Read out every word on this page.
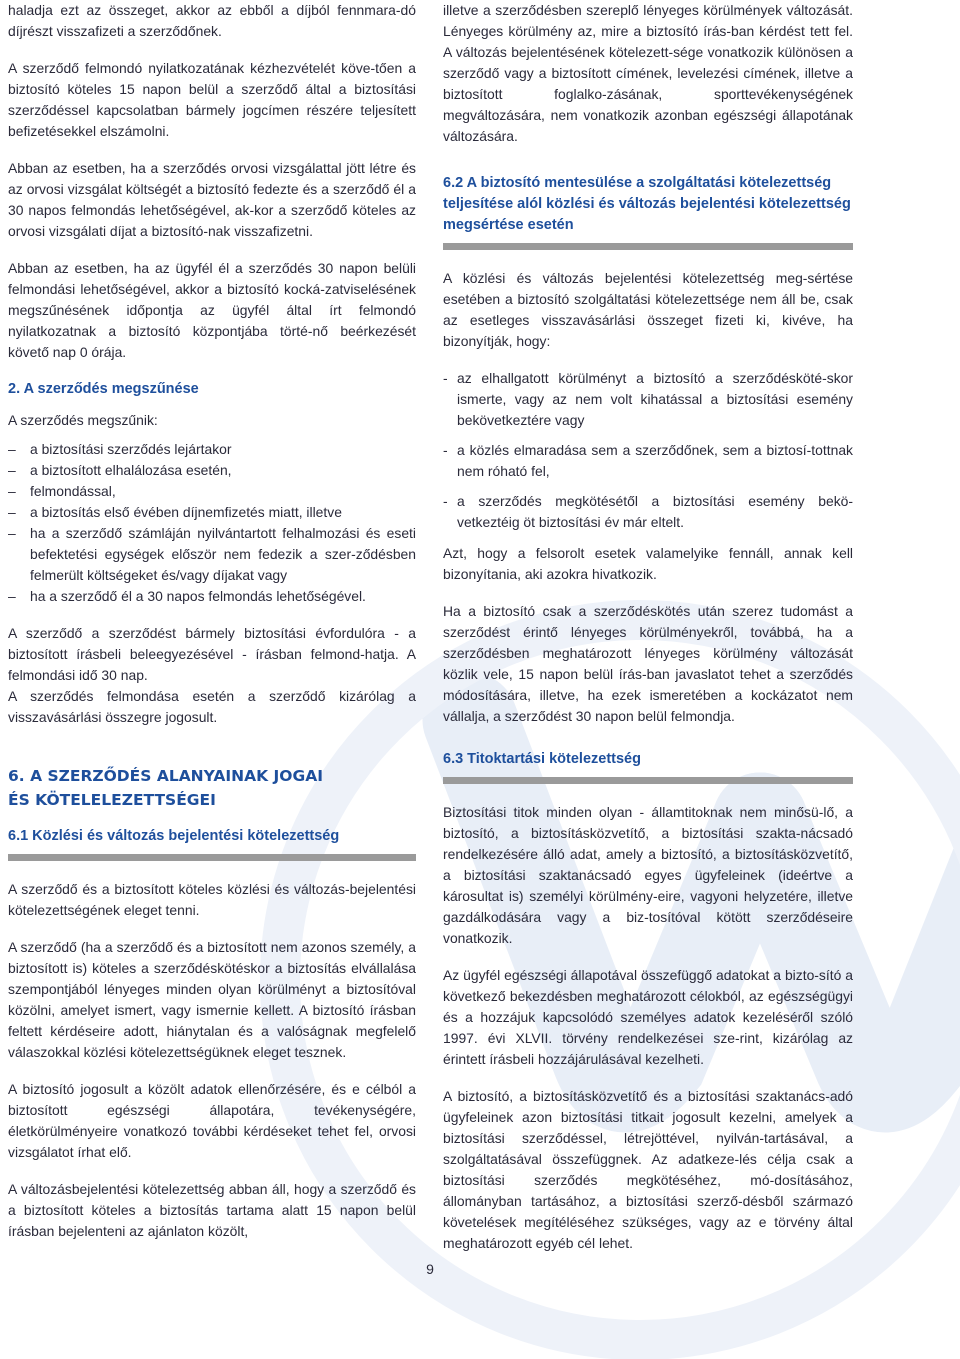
haladja ezt az összeget, akkor az ebből a díjból fennmara-dó díjrészt visszafizeti a szerződőnek.

A szerződő felmondó nyilatkozatának kézhezvételét köve-tően a biztosító köteles 15 napon belül a szerződő által a biztosítási szerződéssel kapcsolatban bármely jogcímen részére teljesített befizetésekkel elszámolni.

Abban az esetben, ha a szerződés orvosi vizsgálattal jött létre és az orvosi vizsgálat költségét a biztosító fedezte és a szerződő él a 30 napos felmondás lehetőségével, ak-kor a szerződő köteles az orvosi vizsgálati díjat a biztosító-nak visszafizetni.

Abban az esetben, ha az ügyfél él a szerződés 30 napon belüli felmondási lehetőségével, akkor a biztosító kocká-zatviselésének megszűnésének időpontja az ügyfél által írt felmondó nyilatkozatnak a biztosító központjába törté-nő beérkezését követő nap 0 órája.

2. A szerződés megszűnése

A szerződés megszűnik:

– a biztosítási szerződés lejártakor
– a biztosított elhalálozása esetén,
– felmondással,
– a biztosítás első évében díjnemfizetés miatt, illetve
– ha a szerződő számláján nyilvántartott felhalmozási és eseti befektetési egységek először nem fedezik a szer-ződésben felmerült költségeket és/vagy díjakat vagy
– ha a szerződő él a 30 napos felmondás lehetőségével.

A szerződő a szerződést bármely biztosítási évfordulóra - a biztosított írásbeli beleegyezésével - írásban felmond-hatja. A felmondási idő 30 nap.

A szerződés felmondása esetén a szerződő kizárólag a visszavásárlási összegre jogosult.

6. A SZERZŐDÉS ALANYAINAK JOGAI
ÉS KÖTELELEZETTSÉGEI
6.1 Közlési és változás bejelentési kötelezettség

A szerződő és a biztosított köteles közlési és változás-bejelentési kötelezettségének eleget tenni.

A szerződő (ha a szerződő és a biztosított nem azonos személy, a biztosított is) köteles a szerződéskötéskor a biztosítás elvállalása szempontjából lényeges minden olyan körülményt a biztosítóval közölni, amelyet ismert, vagy ismernie kellett. A biztosító írásban feltett kérdéseire adott, hiánytalan és a valóságnak megfelelő válaszokkal közlési kötelezettségüknek eleget tesznek.

A biztosító jogosult a közölt adatok ellenőrzésére, és e célból a biztosított egészségi állapotára, tevékenységére, életkörülményeire vonatkozó további kérdéseket tehet fel, orvosi vizsgálatot írhat elő.

A változásbejelentési kötelezettség abban áll, hogy a szerződő és a biztosított köteles a biztosítás tartama alatt 15 napon belül írásban bejelenteni az ajánlaton közölt,

illetve a szerződésben szereplő lényeges körülmények változását. Lényeges körülmény az, mire a biztosító írás-ban kérdést tett fel. A változás bejelentésének kötelezett-sége vonatkozik különösen a szerződő vagy a biztosított címének, levelezési címének, illetve a biztosított foglalko-zásának, sporttevékenységének megváltozására, nem vonatkozik azonban egészségi állapotának változására.

6.2 A biztosító mentesülése a szolgáltatási kötelezettség teljesítése alól közlési és változás bejelentési kötelezettség megsértése esetén

A közlési és változás bejelentési kötelezettség meg-sértése esetében a biztosító szolgáltatási kötelezettsége nem áll be, csak az esetleges visszavásárlási összeget fizeti ki, kivéve, ha bizonyítják, hogy:

- az elhallgatott körülményt a biztosító a szerződésköté-skor ismerte, vagy az nem volt kihatással a biztosítási esemény bekövetkeztére vagy
- a közlés elmaradása sem a szerződőnek, sem a biztosí-tottnak nem róható fel,
- a szerződés megkötésétől a biztosítási esemény bekö-vetkeztéig öt biztosítási év már eltelt.

Azt, hogy a felsorolt esetek valamelyike fennáll, annak kell bizonyítania, aki azokra hivatkozik.

Ha a biztosító csak a szerződéskötés után szerez tudomást a szerződést érintő lényeges körülményekről, továbbá, ha a szerződésben meghatározott lényeges körülmény változását közlik vele, 15 napon belül írás-ban javaslatot tehet a szerződés módosítására, illetve, ha ezek ismeretében a kockázatot nem vállalja, a szerződést 30 napon belül felmondja.

6.3 Titoktartási kötelezettség

Biztosítási titok minden olyan - államtitoknak nem minősü-lő, a biztosító, a biztosításközvetítő, a biztosítási szakta-nácsadó rendelkezésére álló adat, amely a biztosító, a biztosításközvetítő, a biztosítási szaktanácsadó egyes ügyfeleinek (ideértve a károsultat is) személyi körülmény-eire, vagyoni helyzetére, illetve gazdálkodására vagy a biz-tosítóval kötött szerződéseire vonatkozik.

Az ügyfél egészségi állapotával összefüggő adatokat a bizto-sító a következő bekezdésben meghatározott célokból, az egészségügyi és a hozzájuk kapcsolódó személyes adatok kezeléséről szóló 1997. évi XLVII. törvény rendelkezései sze-rint, kizárólag az érintett írásbeli hozzájárulásával kezelheti.

A biztosító, a biztosításközvetítő és a biztosítási szaktanács-adó ügyfeleinek azon biztosítási titkait jogosult kezelni, amelyek a biztosítási szerződéssel, létrejöttével, nyilván-tartásával, a szolgáltatásával összefüggnek. Az adatkeze-lés célja csak a biztosítási szerződés megkötéséhez, mó-dosításához, állományban tartásához, a biztosítási szerző-désből származó követelések megítéléséhez szükséges, vagy az e törvény által meghatározott egyéb cél lehet.

9
